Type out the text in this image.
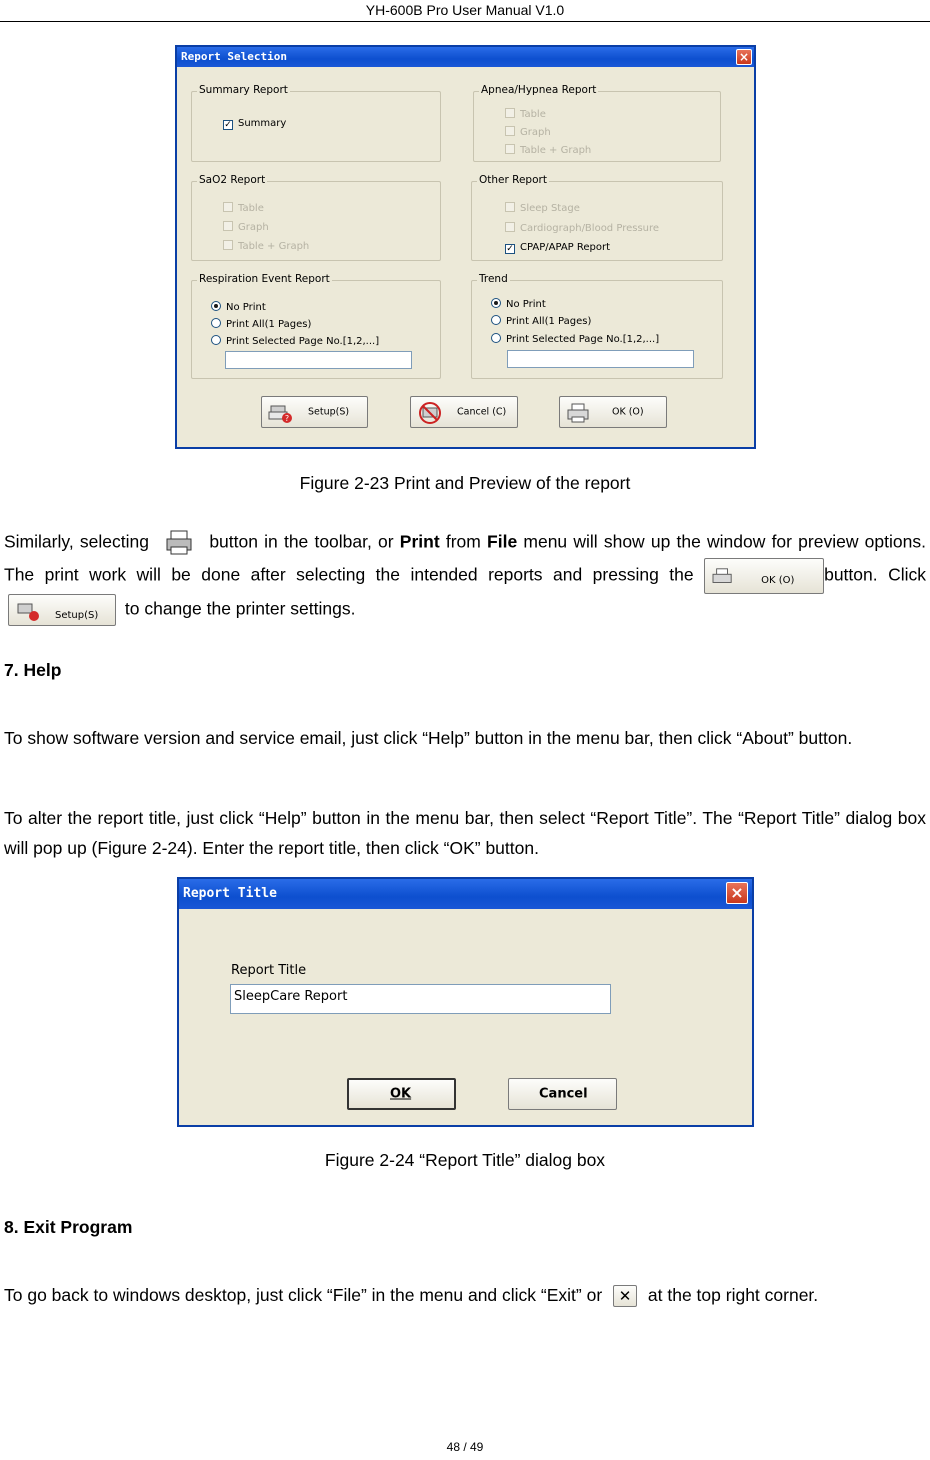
YH-600B Pro User Manual V1.0
Report Selection	×
Summary Report
✓ Summary
Apnea/Hypnea Report
Table
Graph
Table + Graph
SaO2 Report
Table
Graph
Table + Graph
Other Report
Sleep Stage
Cardiograph/Blood Pressure
✓ CPAP/APAP Report
Respiration Event Report
No Print
Print All(1 Pages)
Print Selected Page No.[1,2,...]
Trend
No Print
Print All(1 Pages)
Print Selected Page No.[1,2,...]
?
Setup(S)	Cancel (C)	OK (O)
Figure 2-23 Print and Preview of the report
Similarly, selecting	button in the toolbar, or Print from File menu will show up the window for preview options. The print work will be done after selecting the intended reports and pressing the	OK (O) button. Click
Setup(S) to change the printer settings.
7. Help
To show software version and service email, just click “Help” button in the menu bar, then click “About” button.
To alter the report title, just click “Help” button in the menu bar, then select “Report Title”. The “Report Title” dialog box will pop up (Figure 2-24). Enter the report title, then click “OK” button.
Report Title	×
Report Title
SleepCare Report
OK	Cancel
Figure 2-24 “Report Title” dialog box
8. Exit Program
To go back to windows desktop, just click “File” in the menu and click “Exit” or ✕ at the top right corner.
48 / 49
